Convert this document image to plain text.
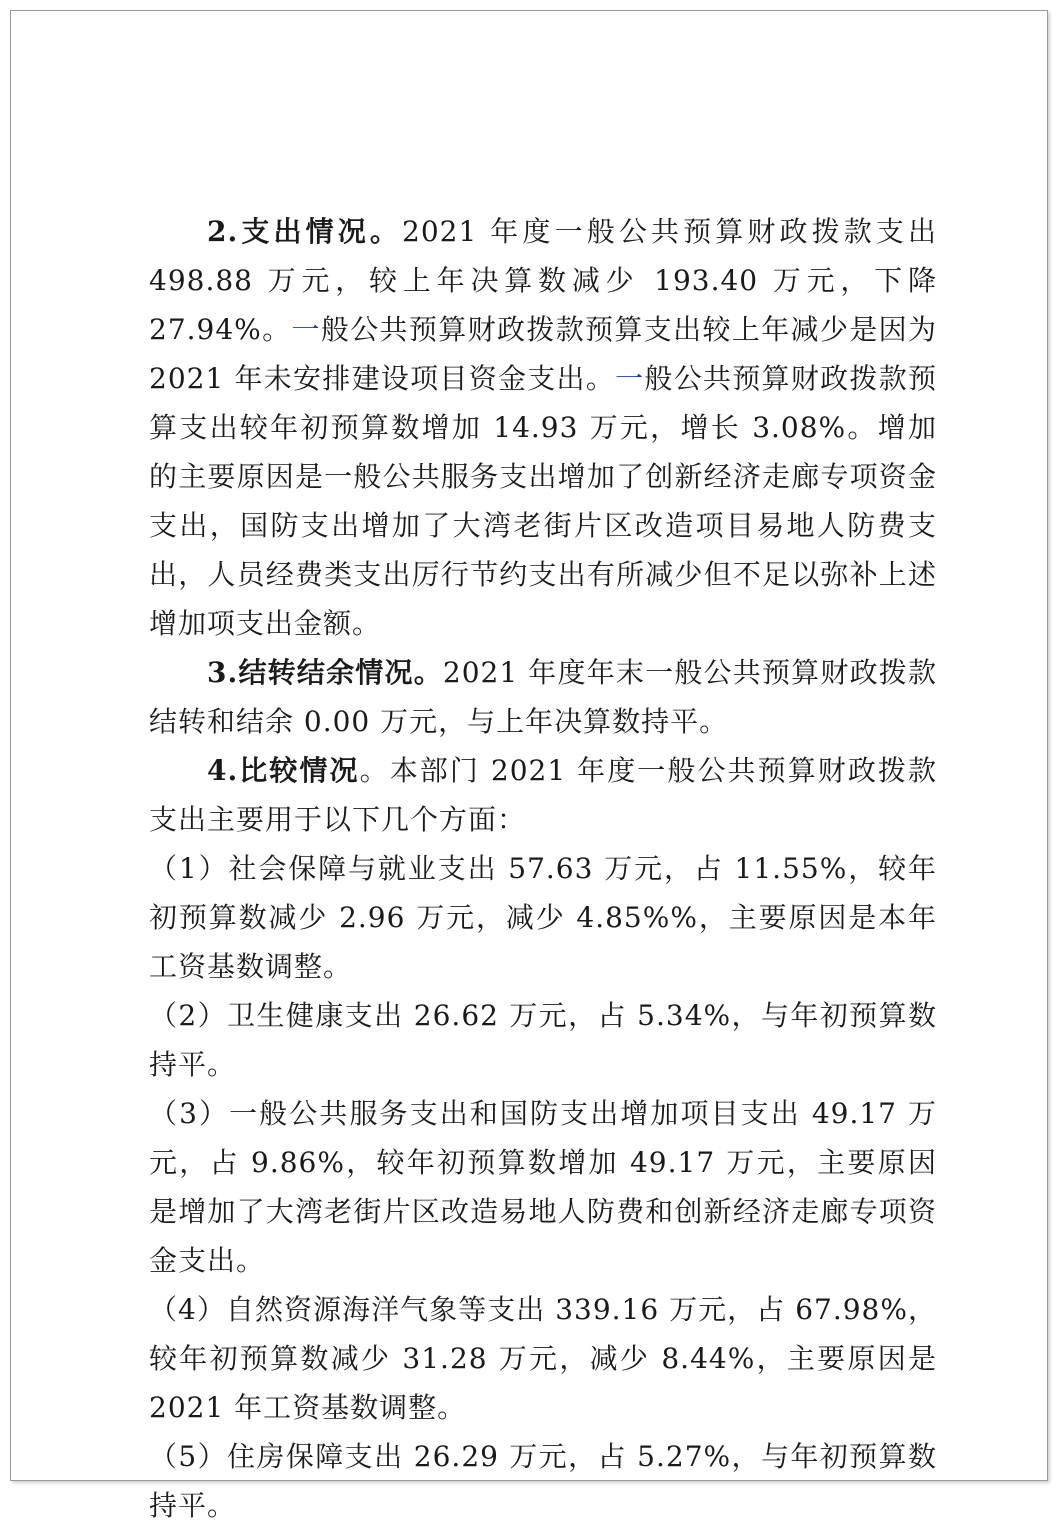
2.支出情况。2021 年度一般公共预算财政拨款支出 498.88 万元，较上年决算数减少 193.40 万元，下降 27.94%。一般公共预算财政拨款预算支出较上年减少是因为 2021 年未安排建设项目资金支出。一般公共预算财政拨款预算支出较年初预算数增加 14.93 万元，增长 3.08%。增加的主要原因是一般公共服务支出增加了创新经济走廊专项资金支出，国防支出增加了大湾老街片区改造项目易地人防费支出，人员经费类支出厉行节约支出有所减少但不足以弥补上述增加项支出金额。

3.结转结余情况。2021 年度年末一般公共预算财政拨款结转和结余 0.00 万元，与上年决算数持平。

4.比较情况。本部门 2021 年度一般公共预算财政拨款支出主要用于以下几个方面：

（1）社会保障与就业支出 57.63 万元，占 11.55%，较年初预算数减少 2.96 万元，减少 4.85%%，主要原因是本年工资基数调整。

（2）卫生健康支出 26.62 万元，占 5.34%，与年初预算数持平。

（3）一般公共服务支出和国防支出增加项目支出 49.17 万元，占 9.86%，较年初预算数增加 49.17 万元，主要原因是增加了大湾老街片区改造易地人防费和创新经济走廊专项资金支出。

（4）自然资源海洋气象等支出 339.16 万元，占 67.98%，较年初预算数减少 31.28 万元，减少 8.44%，主要原因是 2021 年工资基数调整。

（5）住房保障支出 26.29 万元，占 5.27%，与年初预算数持平。
